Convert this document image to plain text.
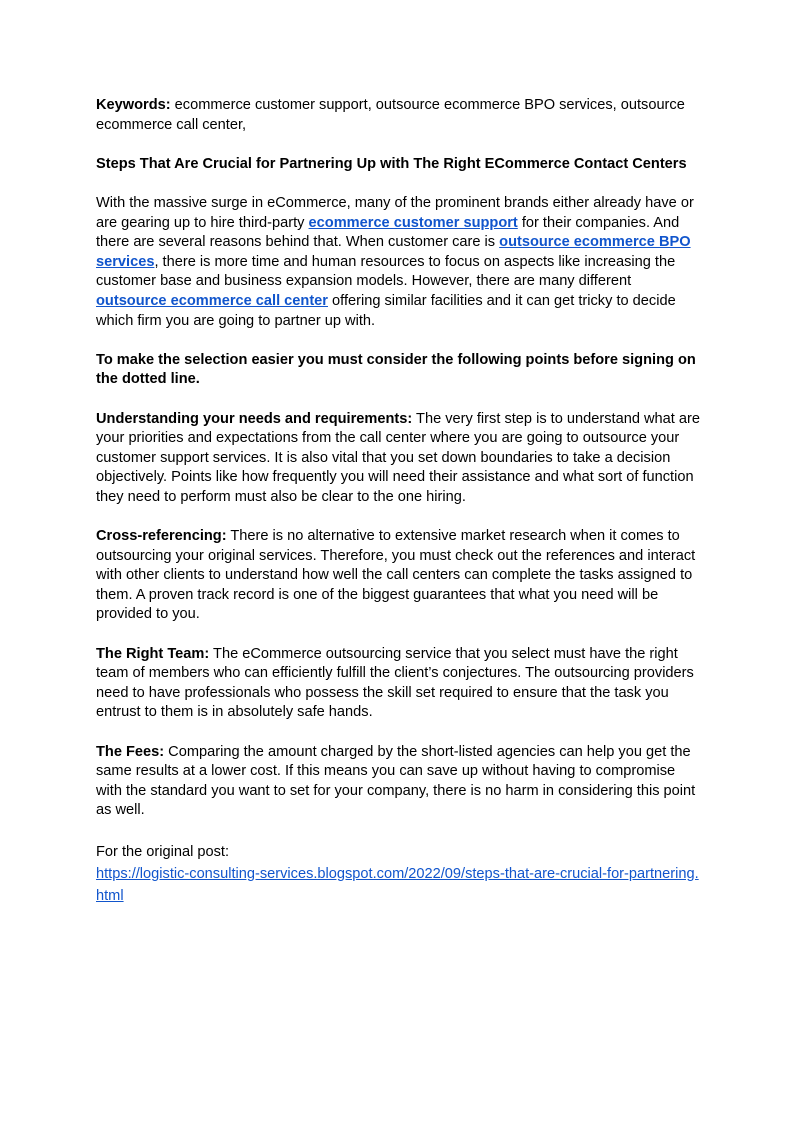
Keywords: ecommerce customer support, outsource ecommerce BPO services, outsource ecommerce call center,

Steps That Are Crucial for Partnering Up with The Right ECommerce Contact Centers

With the massive surge in eCommerce, many of the prominent brands either already have or are gearing up to hire third-party ecommerce customer support for their companies. And there are several reasons behind that. When customer care is outsource ecommerce BPO services, there is more time and human resources to focus on aspects like increasing the customer base and business expansion models. However, there are many different outsource ecommerce call center offering similar facilities and it can get tricky to decide which firm you are going to partner up with.

To make the selection easier you must consider the following points before signing on the dotted line.

Understanding your needs and requirements: The very first step is to understand what are your priorities and expectations from the call center where you are going to outsource your customer support services. It is also vital that you set down boundaries to take a decision objectively. Points like how frequently you will need their assistance and what sort of function they need to perform must also be clear to the one hiring.

Cross-referencing: There is no alternative to extensive market research when it comes to outsourcing your original services. Therefore, you must check out the references and interact with other clients to understand how well the call centers can complete the tasks assigned to them. A proven track record is one of the biggest guarantees that what you need will be provided to you.

The Right Team: The eCommerce outsourcing service that you select must have the right team of members who can efficiently fulfill the client’s conjectures. The outsourcing providers need to have professionals who possess the skill set required to ensure that the task you entrust to them is in absolutely safe hands.

The Fees: Comparing the amount charged by the short-listed agencies can help you get the same results at a lower cost. If this means you can save up without having to compromise with the standard you want to set for your company, there is no harm in considering this point as well.

For the original post:

https://logistic-consulting-services.blogspot.com/2022/09/steps-that-are-crucial-for-partnering.html
